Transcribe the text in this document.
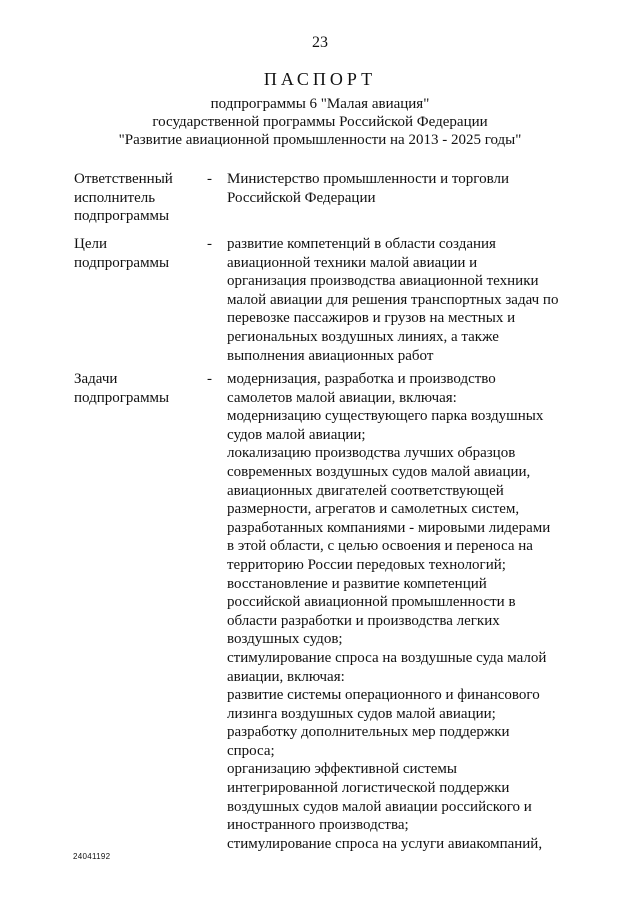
23
ПАСПОРТ
подпрограммы 6 "Малая авиация"
государственной программы Российской Федерации
"Развитие авиационной промышленности на 2013 - 2025 годы"
Ответственный
исполнитель
подпрограммы
- Министерство промышленности и торговли
Российской Федерации
Цели
подпрограммы
- развитие компетенций в области создания
авиационной техники малой авиации и
организация производства авиационной техники
малой авиации для решения транспортных задач по
перевозке пассажиров и грузов на местных и
региональных воздушных линиях, а также
выполнения авиационных работ
Задачи
подпрограммы
- модернизация, разработка и производство
самолетов малой авиации, включая:
модернизацию существующего парка воздушных
судов малой авиации;
локализацию производства лучших образцов
современных воздушных судов малой авиации,
авиационных двигателей соответствующей
размерности, агрегатов и самолетных систем,
разработанных компаниями - мировыми лидерами
в этой области, с целью освоения и переноса на
территорию России передовых технологий;
восстановление и развитие компетенций
российской авиационной промышленности в
области разработки и производства легких
воздушных судов;
стимулирование спроса на воздушные суда малой
авиации, включая:
развитие системы операционного и финансового
лизинга воздушных судов малой авиации;
разработку дополнительных мер поддержки
спроса;
организацию эффективной системы
интегрированной логистической поддержки
воздушных судов малой авиации российского и
иностранного производства;
стимулирование спроса на услуги авиакомпаний,
24041192
